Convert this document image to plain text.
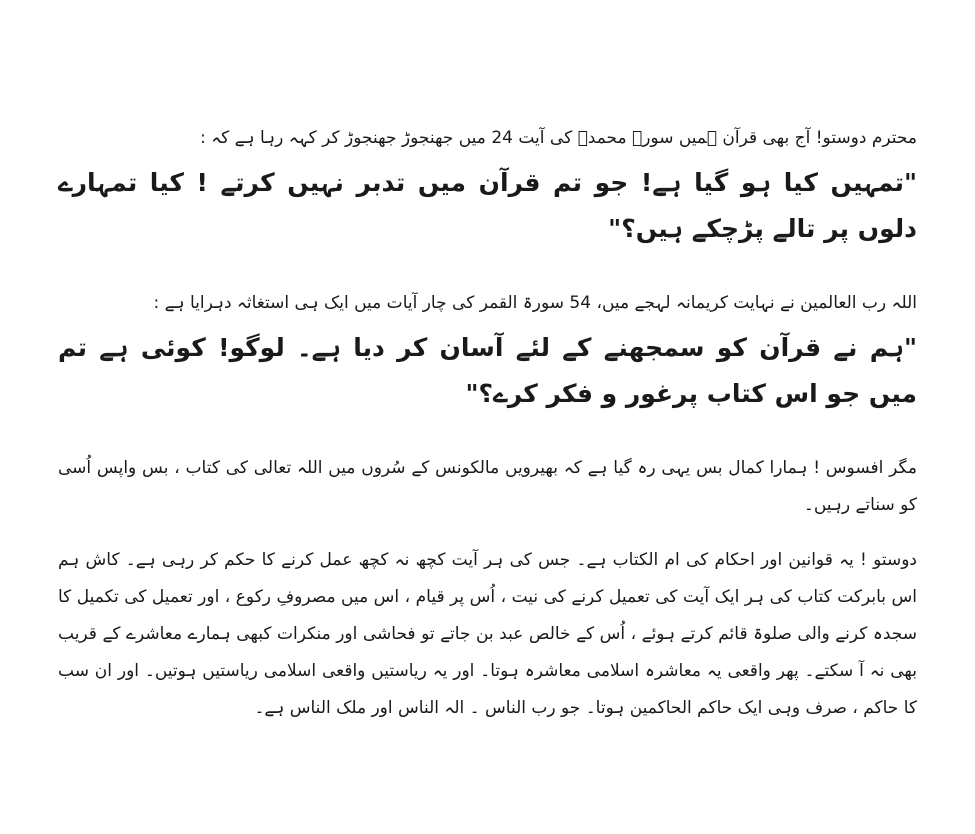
محترم دوستو! آج بھی قرآن ہمیں سورۃ محمدؐ کی آیت 24 میں جھنجوڑ جھنجوڑ کر کہہ رہا ہے کہ :

"تمہیں کیا ہو گیا ہے! جو تم قرآن میں تدبر نہیں کرتے ! کیا تمہارے دلوں پر تالے پڑچکے ہیں؟"

اللہ رب العالمین نے نہایت کریمانہ لہجے میں، 54 سورۃ القمر کی چار آیات میں ایک ہی استغاثہ دہرایا ہے :

"ہم نے قرآن کو سمجھنے کے لئے آسان کر دیا ہے۔ لوگو! کوئی ہے تم میں جو اس کتاب پرغور و فکر کرے؟"

مگر افسوس ! ہمارا کمال بس یہی رہ گیا ہے کہ بھیرویں مالکونس کے سُروں میں اللہ تعالی کی کتاب ، بس واپس اُسی کو سناتے رہیں۔

دوستو ! یہ قوانین اور احکام کی ام الکتاب ہے۔ جس کی ہر آیت کچھ نہ کچھ عمل کرنے کا حکم کر رہی ہے۔ کاش ہم اس بابرکت کتاب کی ہر ایک آیت کی تعمیل کرنے کی نیت ، اُس پر قیام ، اس میں مصروفِ رکوع ، اور تعمیل کی تکمیل کا سجدہ کرنے والی صلوۃ قائم کرتے ہوئے ، اُس کے خالص عبد بن جاتے تو فحاشی اور منکرات کبھی ہمارے معاشرے کے قریب بھی نہ آ سکتے۔ پھر واقعی یہ معاشرہ اسلامی معاشرہ ہوتا۔ اور یہ ریاستیں واقعی اسلامی ریاستیں ہوتیں۔ اور ان سب کا حاکم ، صرف وہی ایک حاکم الحاکمین ہوتا۔ جو رب الناس ۔ الہ الناس اور ملک الناس ہے۔
